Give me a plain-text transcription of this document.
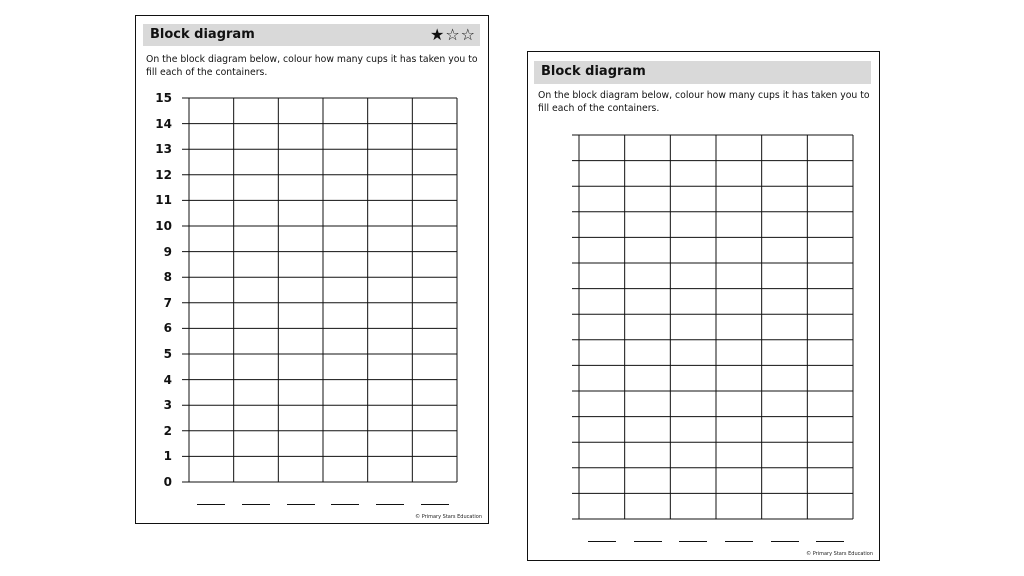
Block diagram	★ ☆ ☆
On the block diagram below, colour how many cups it has taken you to fill each of the containers.
15
14
13
12
11
10
9
8
7
6
5
4
3
2
1
0
© Primary Stars Education
Block diagram
On the block diagram below, colour how many cups it has taken you to fill each of the containers.
© Primary Stars Education
